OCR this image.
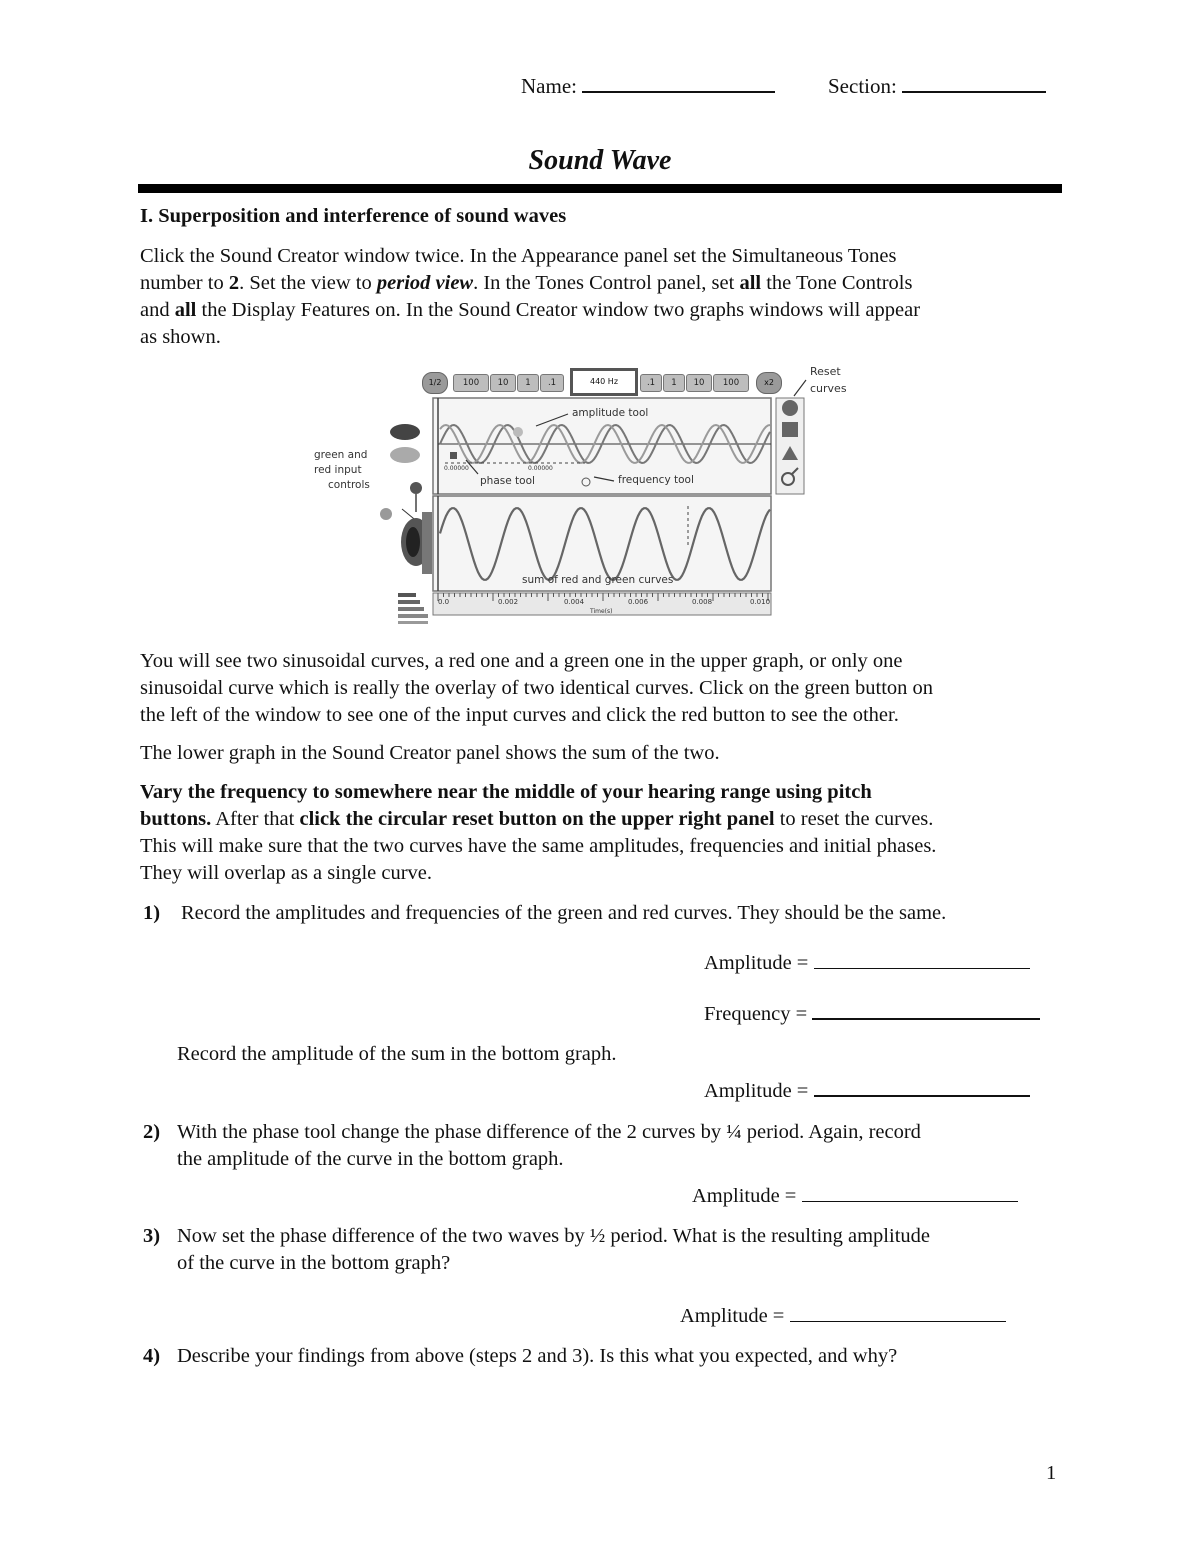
Name:	Section:
Sound Wave
I. Superposition and interference of sound waves
Click the Sound Creator window twice. In the Appearance panel set the Simultaneous Tones
number to 2. Set the view to period view. In the Tones Control panel, set all the Tone Controls
and all the Display Features on. In the Sound Creator window two graphs windows will appear
as shown.
1/2	100	10	1	.1	440 Hz	.1	1	10	100	x2
Reset
curves
amplitude tool
green and
red input
controls
0.00000	0.00000
phase tool	frequency tool
sum of red and green curves
0.0	0.002	0.004	0.006	0.008	0.010
Time(s)
You will see two sinusoidal curves, a red one and a green one in the upper graph, or only one
sinusoidal curve which is really the overlay of two identical curves. Click on the green button on
the left of the window to see one of the input curves and click the red button to see the other.
The lower graph in the Sound Creator panel shows the sum of the two.
Vary the frequency to somewhere near the middle of your hearing range using pitch
buttons. After that click the circular reset button on the upper right panel to reset the curves.
This will make sure that the two curves have the same amplitudes, frequencies and initial phases.
They will overlap as a single curve.
1) Record the amplitudes and frequencies of the green and red curves. They should be the same.
Amplitude =
Frequency =
Record the amplitude of the sum in the bottom graph.
Amplitude =
2) With the phase tool change the phase difference of the 2 curves by ¼ period. Again, record
the amplitude of the curve in the bottom graph.
Amplitude =
3) Now set the phase difference of the two waves by ½ period. What is the resulting amplitude
of the curve in the bottom graph?
Amplitude =
4) Describe your findings from above (steps 2 and 3). Is this what you expected, and why?
1
